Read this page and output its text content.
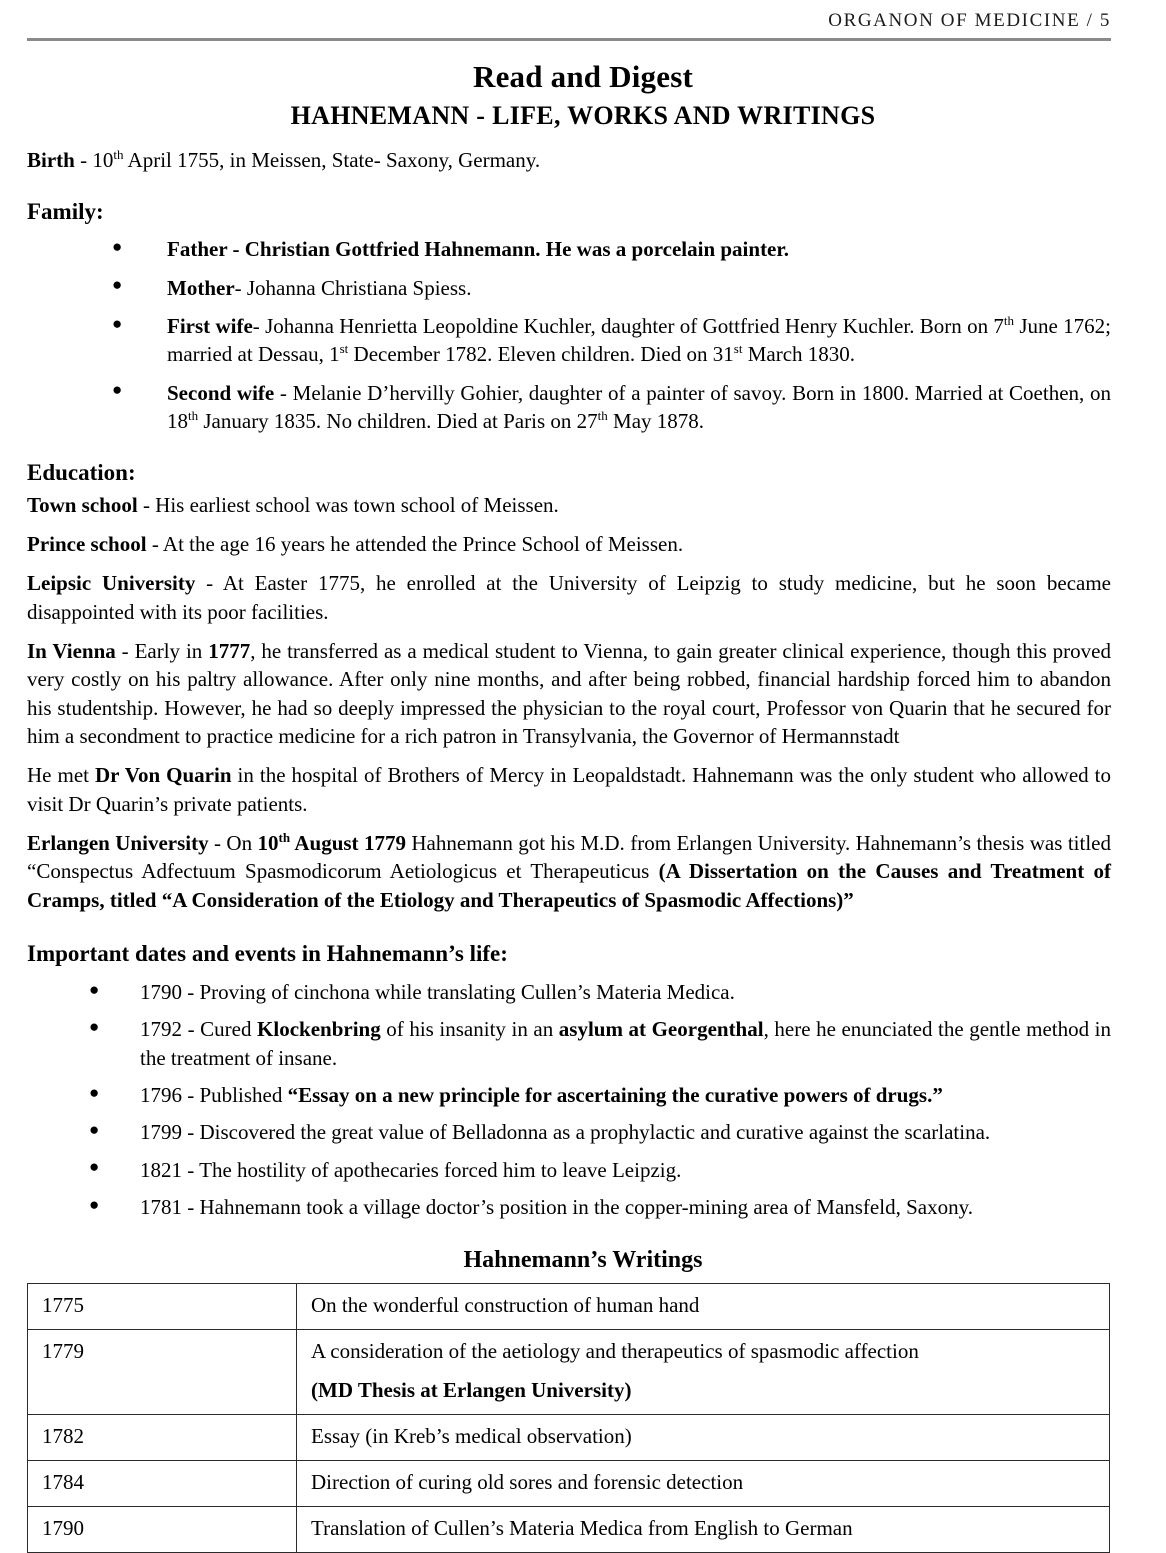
ORGANON OF MEDICINE / 5
Read and Digest
HAHNEMANN - LIFE, WORKS AND WRITINGS

Birth - 10th April 1755, in Meissen, State- Saxony, Germany.

Family:
● Father - Christian Gottfried Hahnemann. He was a porcelain painter.
● Mother- Johanna Christiana Spiess.
● First wife- Johanna Henrietta Leopoldine Kuchler, daughter of Gottfried Henry Kuchler. Born on 7th June 1762; married at Dessau, 1st December 1782. Eleven children. Died on 31st March 1830.
● Second wife - Melanie D’hervilly Gohier, daughter of a painter of savoy. Born in 1800. Married at Coethen, on 18th January 1835. No children. Died at Paris on 27th May 1878.
Education:

Town school - His earliest school was town school of Meissen.

Prince school - At the age 16 years he attended the Prince School of Meissen.

Leipsic University - At Easter 1775, he enrolled at the University of Leipzig to study medicine, but he soon became disappointed with its poor facilities.

In Vienna - Early in 1777, he transferred as a medical student to Vienna, to gain greater clinical experience, though this proved very costly on his paltry allowance. After only nine months, and after being robbed, financial hardship forced him to abandon his studentship. However, he had so deeply impressed the physician to the royal court, Professor von Quarin that he secured for him a secondment to practice medicine for a rich patron in Transylvania, the Governor of Hermannstadt

He met Dr Von Quarin in the hospital of Brothers of Mercy in Leopaldstadt. Hahnemann was the only student who allowed to visit Dr Quarin’s private patients.

Erlangen University - On 10th August 1779 Hahnemann got his M.D. from Erlangen University. Hahnemann’s thesis was titled “Conspectus Adfectuum Spasmodicorum Aetiologicus et Therapeuticus (A Dissertation on the Causes and Treatment of Cramps, titled “A Consideration of the Etiology and Therapeutics of Spasmodic Affections)”

Important dates and events in Hahnemann’s life:
● 1790 - Proving of cinchona while translating Cullen’s Materia Medica.
● 1792 - Cured Klockenbring of his insanity in an asylum at Georgenthal, here he enunciated the gentle method in the treatment of insane.
● 1796 - Published “Essay on a new principle for ascertaining the curative powers of drugs.”
● 1799 - Discovered the great value of Belladonna as a prophylactic and curative against the scarlatina.
● 1821 - The hostility of apothecaries forced him to leave Leipzig.
● 1781 - Hahnemann took a village doctor’s position in the copper-mining area of Mansfeld, Saxony.
Hahnemann’s Writings
1775	On the wonderful construction of human hand

1779	A consideration of the aetiology and therapeutics of spasmodic affection

(MD Thesis at Erlangen University)

1782	Essay (in Kreb’s medical observation)

1784	Direction of curing old sores and forensic detection

1790	Translation of Cullen’s Materia Medica from English to German
